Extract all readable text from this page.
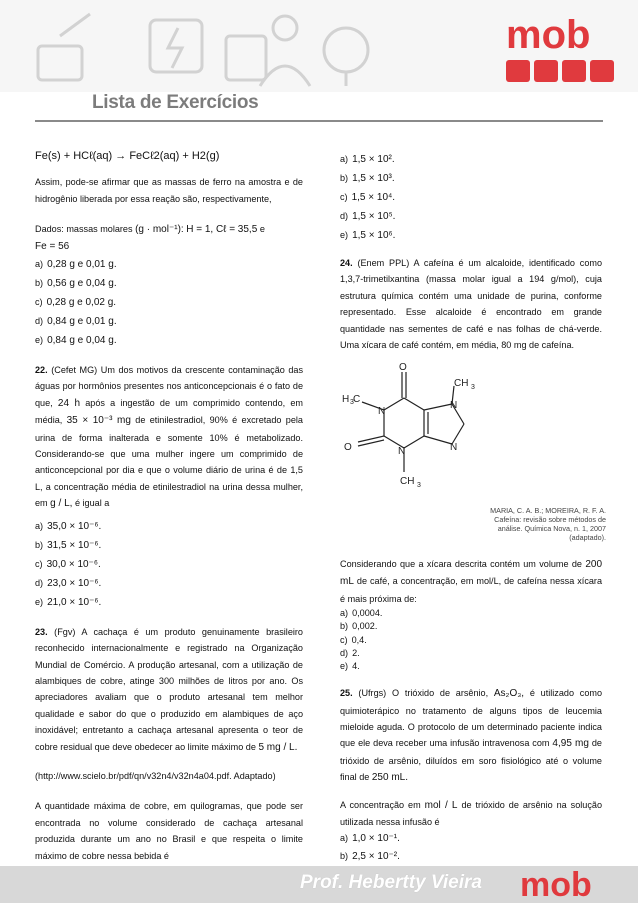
mob
Lista de Exercícios

Fe(s) + HCℓ(aq) → FeCℓ2(aq) + H2(g)

Assim, pode-se afirmar que as massas de ferro na amostra e de hidrogênio liberada por essa reação são, respectivamente,

Dados: massas molares (g · mol⁻¹): H = 1, Cℓ = 35,5 e

Fe = 56

a) 0,28 g e 0,01 g.
b) 0,56 g e 0,04 g.
c) 0,28 g e 0,02 g.
d) 0,84 g e 0,01 g.
e) 0,84 g e 0,04 g.

22. (Cefet MG) Um dos motivos da crescente contaminação das águas por hormônios presentes nos anticoncepcionais é o fato de que, 24 h após a ingestão de um comprimido contendo, em média, 35 × 10⁻³ mg de etinilestradiol, 90% é excretado pela urina de forma inalterada e somente 10% é metabolizado. Considerando-se que uma mulher ingere um comprimido de anticoncepcional por dia e que o volume diário de urina é de 1,5 L, a concentração média de etinilestradiol na urina dessa mulher, em g / L, é igual a

a) 35,0 × 10⁻⁶.
b) 31,5 × 10⁻⁶.
c) 30,0 × 10⁻⁶.
d) 23,0 × 10⁻⁶.
e) 21,0 × 10⁻⁶.

23. (Fgv) A cachaça é um produto genuinamente brasileiro reconhecido internacionalmente e registrado na Organização Mundial de Comércio. A produção artesanal, com a utilização de alambiques de cobre, atinge 300 milhões de litros por ano. Os apreciadores avaliam que o produto artesanal tem melhor qualidade e sabor do que o produzido em alambiques de aço inoxidável; entretanto a cachaça artesanal apresenta o teor de cobre residual que deve obedecer ao limite máximo de 5 mg / L.

(http://www.scielo.br/pdf/qn/v32n4/v32n4a04.pdf. Adaptado)

A quantidade máxima de cobre, em quilogramas, que pode ser encontrada no volume considerado de cachaça artesanal produzida durante um ano no Brasil e que respeita o limite máximo de cobre nessa bebida é

a) 1,5 × 10².
b) 1,5 × 10³.
c) 1,5 × 10⁴.
d) 1,5 × 10⁵.
e) 1,5 × 10⁶.

24. (Enem PPL) A cafeína é um alcaloide, identificado como 1,3,7-trimetilxantina (massa molar igual a 194 g/mol), cuja estrutura química contém uma unidade de purina, conforme representado. Esse alcaloide é encontrado em grande quantidade nas sementes de café e nas folhas de chá-verde. Uma xícara de café contém, em média, 80 mg de cafeína.

O
O
N
N
N
N
H C
3
CH 3
CH 3
MARIA, C. A. B.; MOREIRA, R. F. A.
Cafeína: revisão sobre métodos de
análise. Química Nova, n. 1, 2007
(adaptado).

Considerando que a xícara descrita contém um volume de 200 mL de café, a concentração, em mol/L, de cafeína nessa xícara é mais próxima de:

a) 0,0004.
b) 0,002.
c) 0,4.
d) 2.
e) 4.

25. (Ufrgs) O trióxido de arsênio, As₂O₃, é utilizado como quimioterápico no tratamento de alguns tipos de leucemia mieloide aguda. O protocolo de um determinado paciente indica que ele deva receber uma infusão intravenosa com 4,95 mg de trióxido de arsênio, diluídos em soro fisiológico até o volume final de 250 mL.

A concentração em mol / L de trióxido de arsênio na solução utilizada nessa infusão é

a) 1,0 × 10⁻¹.
b) 2,5 × 10⁻².
Prof. Hebertty Vieira mob
